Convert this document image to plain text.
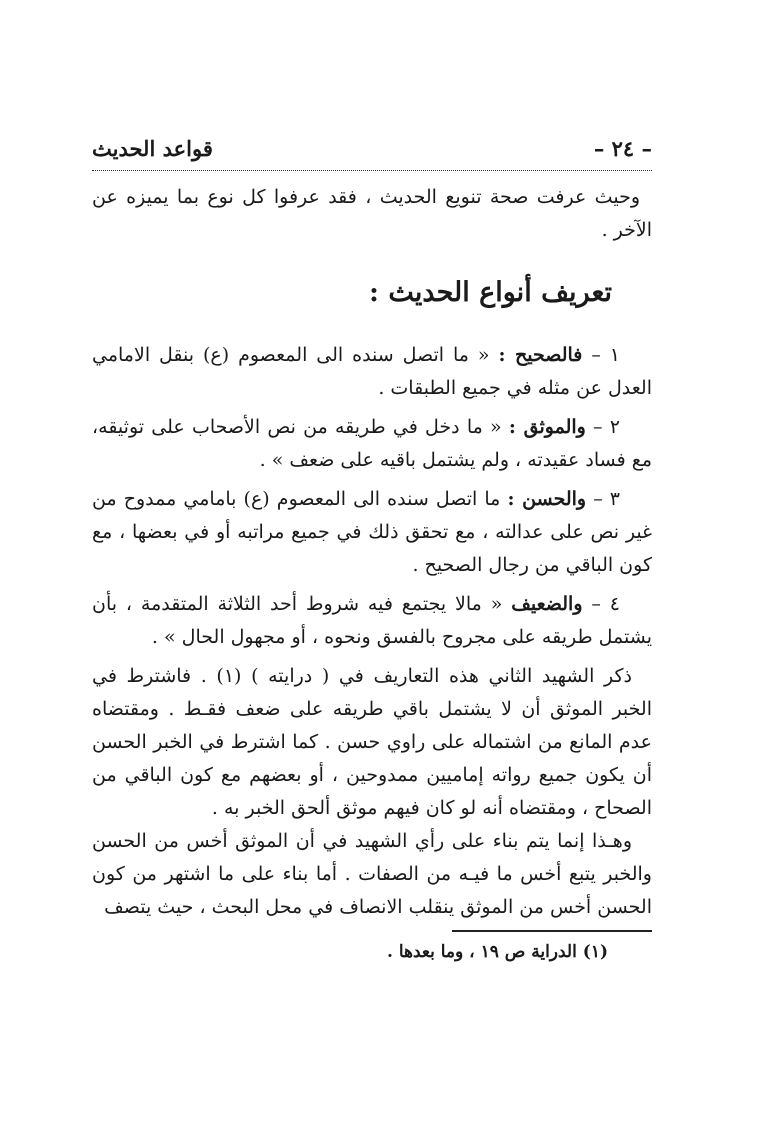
– ٢٤ –
قواعد الحديث

وحيث عرفت صحة تنويع الحديث ، فقد عرفوا كل نوع بما يميزه عن الآخر .

تعريف أنواع الحديث :

١ – فالصحيح : « ما اتصل سنده الى المعصوم (ع) بنقل الامامي العدل عن مثله في جميع الطبقات .

٢ – والموثق : « ما دخل في طريقه من نص الأصحاب على توثيقه، مع فساد عقيدته ، ولم يشتمل باقيه على ضعف » .

٣ – والحسن : ما اتصل سنده الى المعصوم (ع) بامامي ممدوح من غير نص على عدالته ، مع تحقق ذلك في جميع مراتبه أو في بعضها ، مع كون الباقي من رجال الصحيح .

٤ – والضعيف « مالا يجتمع فيه شروط أحد الثلاثة المتقدمة ، بأن يشتمل طريقه على مجروح بالفسق ونحوه ، أو مجهول الحال » .

ذكر الشهيد الثاني هذه التعاريف في ( درايته ) (١) . فاشترط في الخبر الموثق أن لا يشتمل باقي طريقه على ضعف فقـط . ومقتضاه عدم المانع من اشتماله على راوي حسن . كما اشترط في الخبر الحسن أن يكون جميع رواته إماميين ممدوحين ، أو بعضهم مع كون الباقي من الصحاح ، ومقتضاه أنه لو كان فيهم موثق ألحق الخبر به .

وهـذا إنما يتم بناء على رأي الشهيد في أن الموثق أخس من الحسن والخبر يتبع أخس ما فيـه من الصفات . أما بناء على ما اشتهر من كون الحسن أخس من الموثق ينقلب الانصاف في محل البحث ، حيث يتصف

(١) الدراية ص ١٩ ، وما بعدها .
